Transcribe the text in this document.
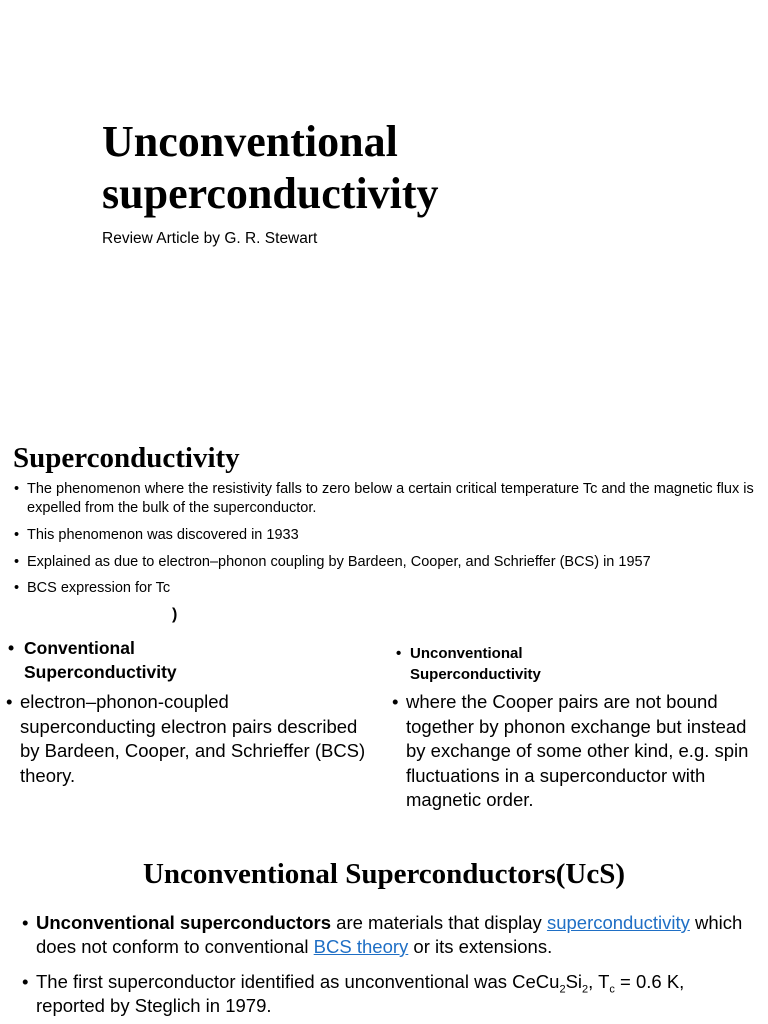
Unconventional superconductivity
Review Article by G. R. Stewart
Superconductivity
• The phenomenon where the resistivity falls to zero below a certain critical temperature Tc and the magnetic flux is expelled from the bulk of the superconductor.
• This phenomenon was discovered in 1933
• Explained as due to electron–phonon coupling by Bardeen, Cooper, and Schrieffer (BCS) in 1957
• BCS expression for Tc
)
• Conventional Superconductivity
• Unconventional Superconductivity
• electron–phonon-coupled superconducting electron pairs described by Bardeen, Cooper, and Schrieffer (BCS) theory.
• where the Cooper pairs are not bound together by phonon exchange but instead by exchange of some other kind, e.g. spin fluctuations in a superconductor with magnetic order.
Unconventional Superconductors(UcS)
• Unconventional superconductors are materials that display superconductivity which does not conform to conventional BCS theory or its extensions.
• The first superconductor identified as unconventional was $CeCu_2Si_2$, $T_c = 0.6$ K, reported by Steglich in 1979.
